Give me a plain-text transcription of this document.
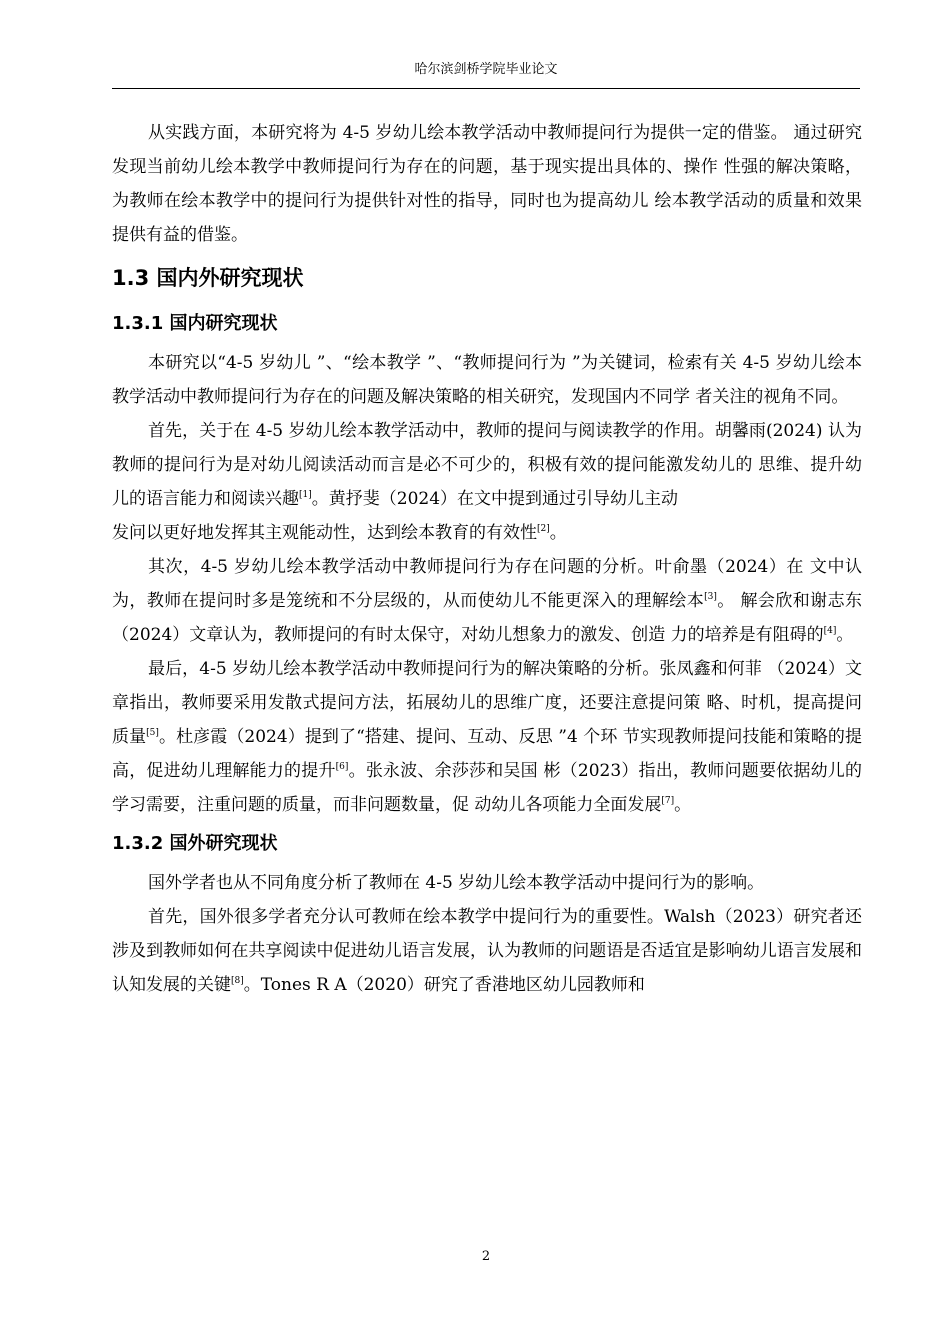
哈尔滨剑桥学院毕业论文

从实践方面，本研究将为 4-5 岁幼儿绘本教学活动中教师提问行为提供一定的借鉴。 通过研究发现当前幼儿绘本教学中教师提问行为存在的问题，基于现实提出具体的、操作 性强的解决策略，为教师在绘本教学中的提问行为提供针对性的指导，同时也为提高幼儿 绘本教学活动的质量和效果提供有益的借鉴。

1.3 国内外研究现状
1.3.1 国内研究现状

本研究以“4-5 岁幼儿 ”、“绘本教学 ”、“教师提问行为 ”为关键词，检索有关 4-5 岁幼儿绘本教学活动中教师提问行为存在的问题及解决策略的相关研究，发现国内不同学 者关注的视角不同。

首先，关于在 4-5 岁幼儿绘本教学活动中，教师的提问与阅读教学的作用。胡馨雨(2024) 认为教师的提问行为是对幼儿阅读活动而言是必不可少的，积极有效的提问能激发幼儿的 思维、提升幼儿的语言能力和阅读兴趣[1]。黄抒斐（2024）在文中提到通过引导幼儿主动

发问以更好地发挥其主观能动性，达到绘本教育的有效性[2]。

其次，4-5 岁幼儿绘本教学活动中教师提问行为存在问题的分析。叶俞墨（2024）在 文中认为，教师在提问时多是笼统和不分层级的，从而使幼儿不能更深入的理解绘本[3]。 解会欣和谢志东（2024）文章认为，教师提问的有时太保守，对幼儿想象力的激发、创造 力的培养是有阻碍的[4]。

最后，4-5 岁幼儿绘本教学活动中教师提问行为的解决策略的分析。张凤鑫和何菲 （2024）文章指出，教师要采用发散式提问方法，拓展幼儿的思维广度，还要注意提问策 略、时机，提高提问质量[5]。杜彦霞（2024）提到了“搭建、提问、互动、反思 ”4 个环 节实现教师提问技能和策略的提高，促进幼儿理解能力的提升[6]。张永波、余莎莎和吴国 彬（2023）指出，教师问题要依据幼儿的学习需要，注重问题的质量，而非问题数量，促 动幼儿各项能力全面发展[7]。

1.3.2 国外研究现状

国外学者也从不同角度分析了教师在 4-5 岁幼儿绘本教学活动中提问行为的影响。

首先，国外很多学者充分认可教师在绘本教学中提问行为的重要性。Walsh（2023）研究者还涉及到教师如何在共享阅读中促进幼儿语言发展，认为教师的问题语是否适宜是影响幼儿语言发展和认知发展的关键[8]。Tones R A（2020）研究了香港地区幼儿园教师和

2
